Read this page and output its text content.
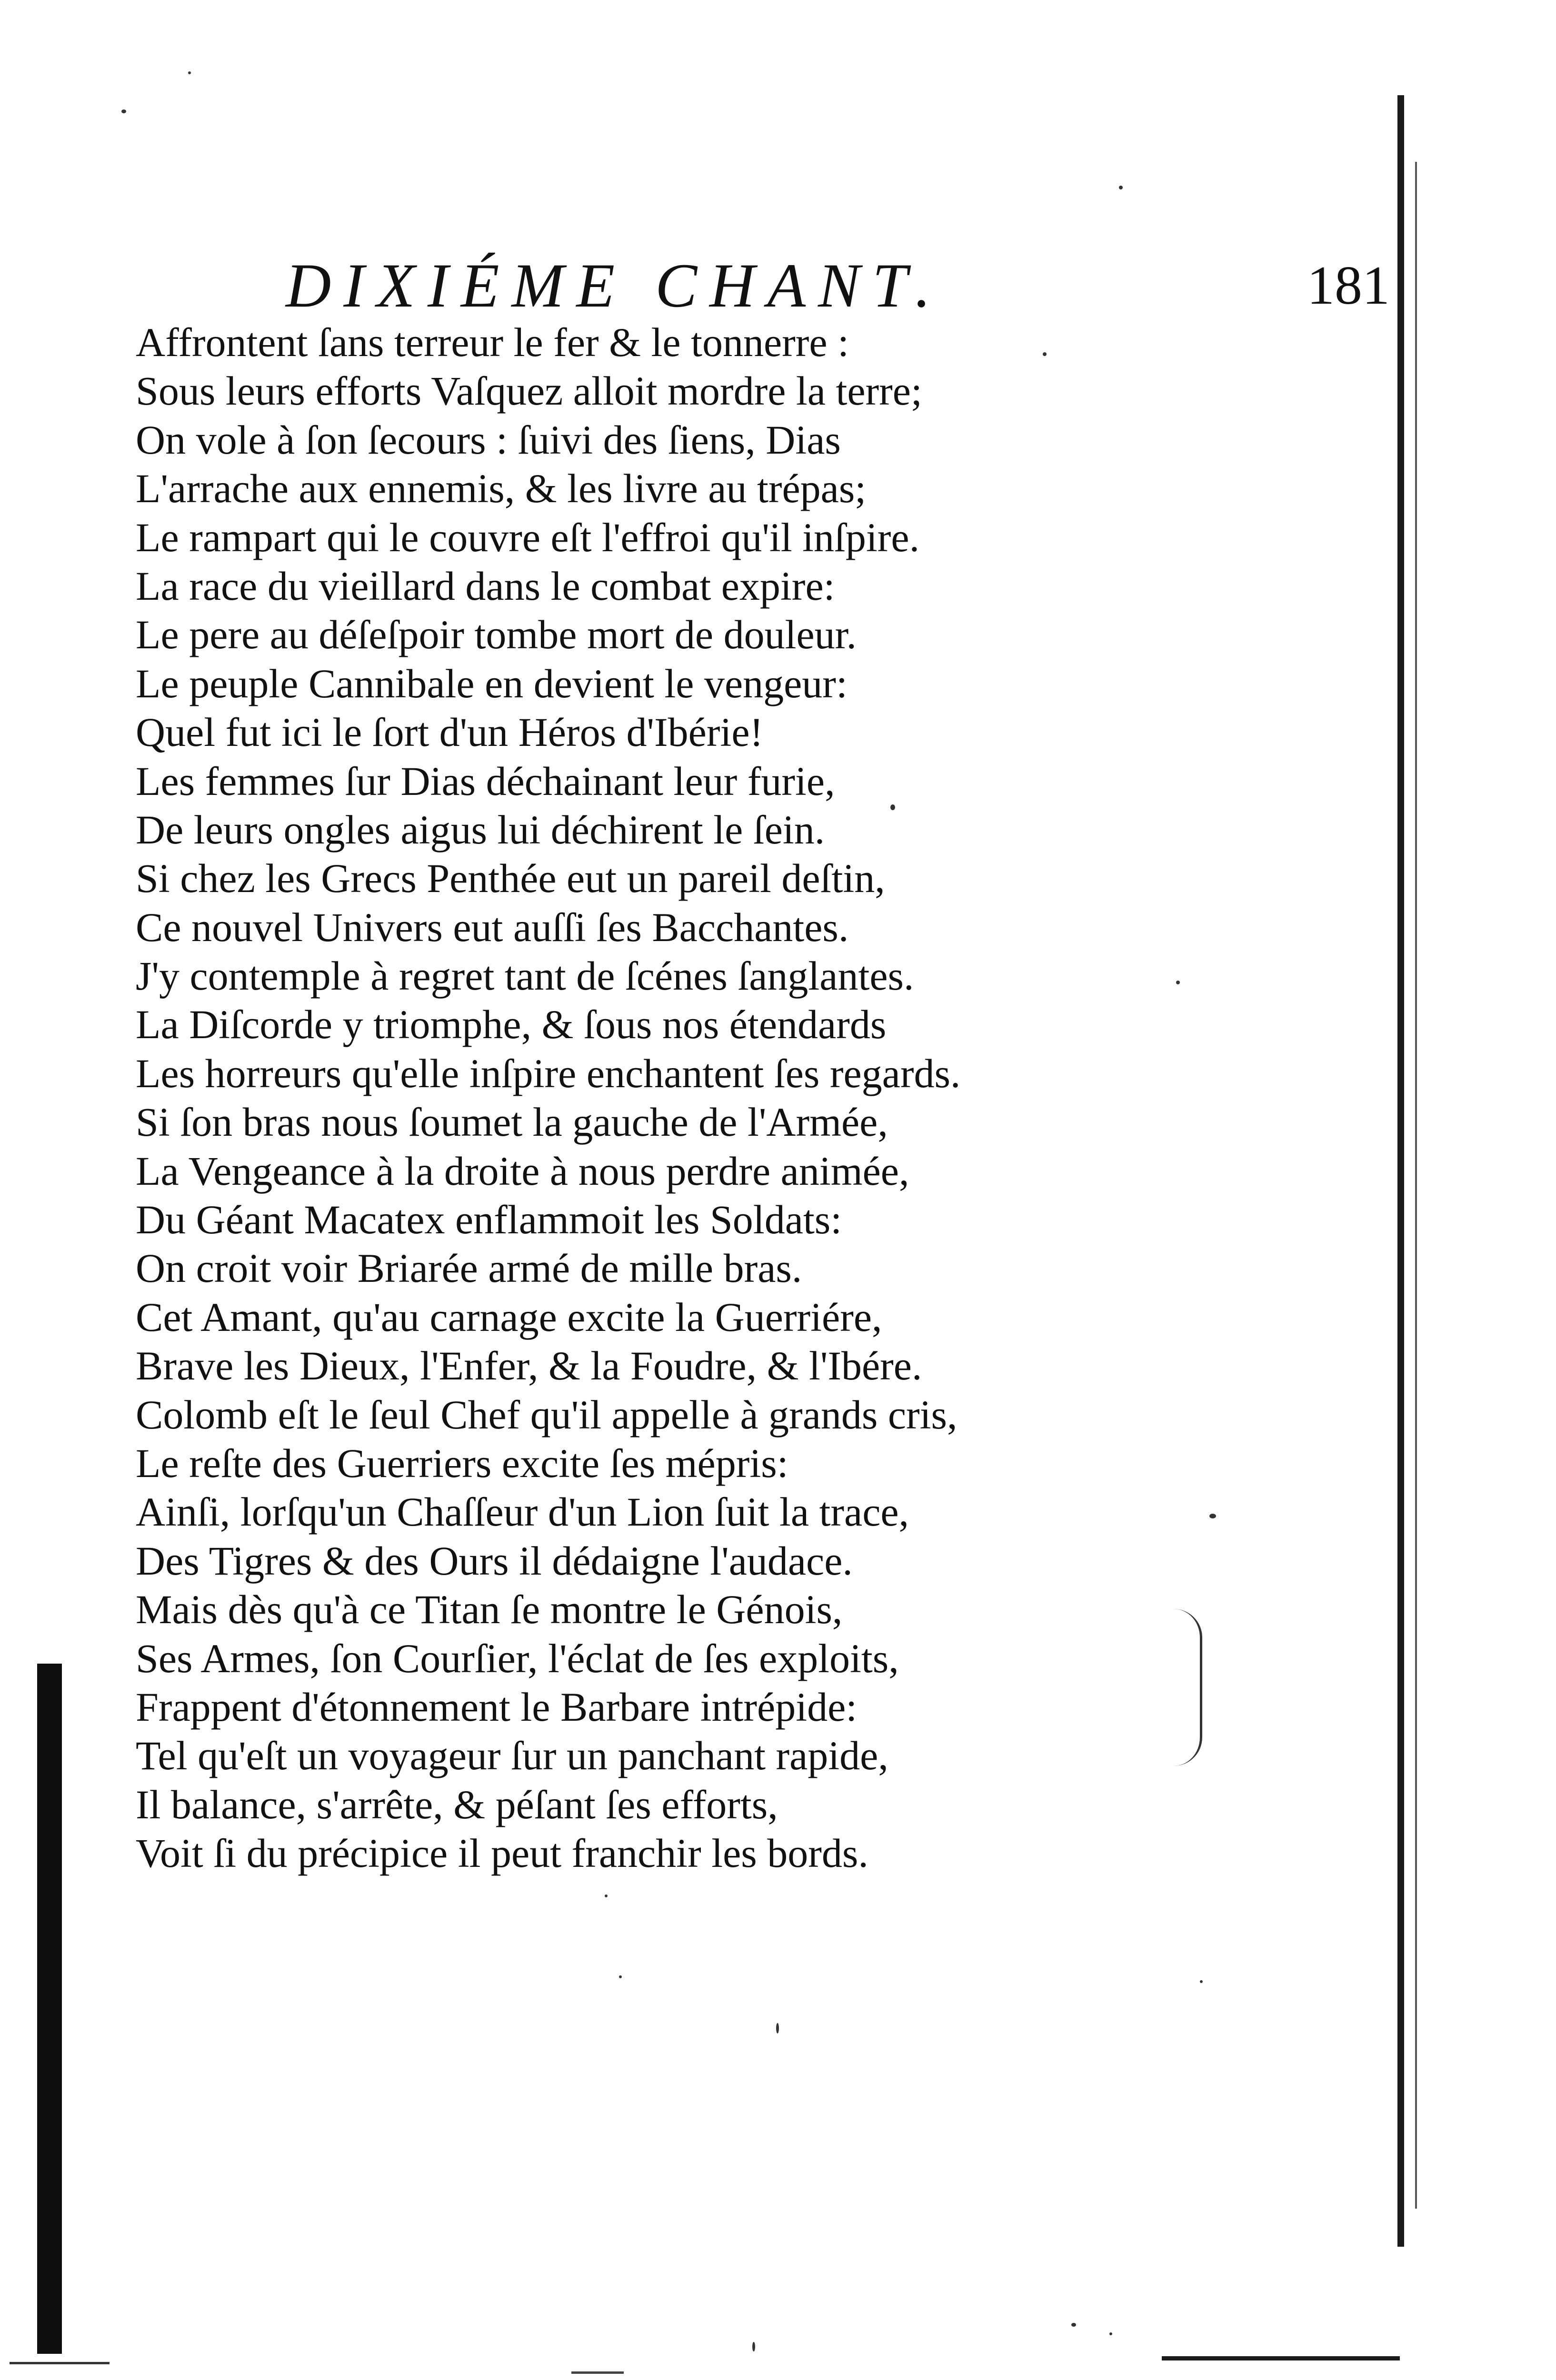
DIXIÉME CHANT.	181
Affrontent ſans terreur le fer & le tonnerre :
Sous leurs efforts Vaſquez alloit mordre la terre;
On vole à ſon ſecours : ſuivi des ſiens, Dias
L'arrache aux ennemis, & les livre au trépas;
Le rampart qui le couvre eſt l'effroi qu'il inſpire.
La race du vieillard dans le combat expire:
Le pere au déſeſpoir tombe mort de douleur.
Le peuple Cannibale en devient le vengeur:
Quel fut ici le ſort d'un Héros d'Ibérie!
Les femmes ſur Dias déchainant leur furie,
De leurs ongles aigus lui déchirent le ſein.
Si chez les Grecs Penthée eut un pareil deſtin,
Ce nouvel Univers eut auſſi ſes Bacchantes.
J'y contemple à regret tant de ſcénes ſanglantes.
La Diſcorde y triomphe, & ſous nos étendards
Les horreurs qu'elle inſpire enchantent ſes regards.
Si ſon bras nous ſoumet la gauche de l'Armée,
La Vengeance à la droite à nous perdre animée,
Du Géant Macatex enflammoit les Soldats:
On croit voir Briarée armé de mille bras.
Cet Amant, qu'au carnage excite la Guerriére,
Brave les Dieux, l'Enfer, & la Foudre, & l'Ibére.
Colomb eſt le ſeul Chef qu'il appelle à grands cris,
Le reſte des Guerriers excite ſes mépris:
Ainſi, lorſqu'un Chaſſeur d'un Lion ſuit la trace,
Des Tigres & des Ours il dédaigne l'audace.
Mais dès qu'à ce Titan ſe montre le Génois,
Ses Armes, ſon Courſier, l'éclat de ſes exploits,
Frappent d'étonnement le Barbare intrépide:
Tel qu'eſt un voyageur ſur un panchant rapide,
Il balance, s'arrête, & péſant ſes efforts,
Voit ſi du précipice il peut franchir les bords.
